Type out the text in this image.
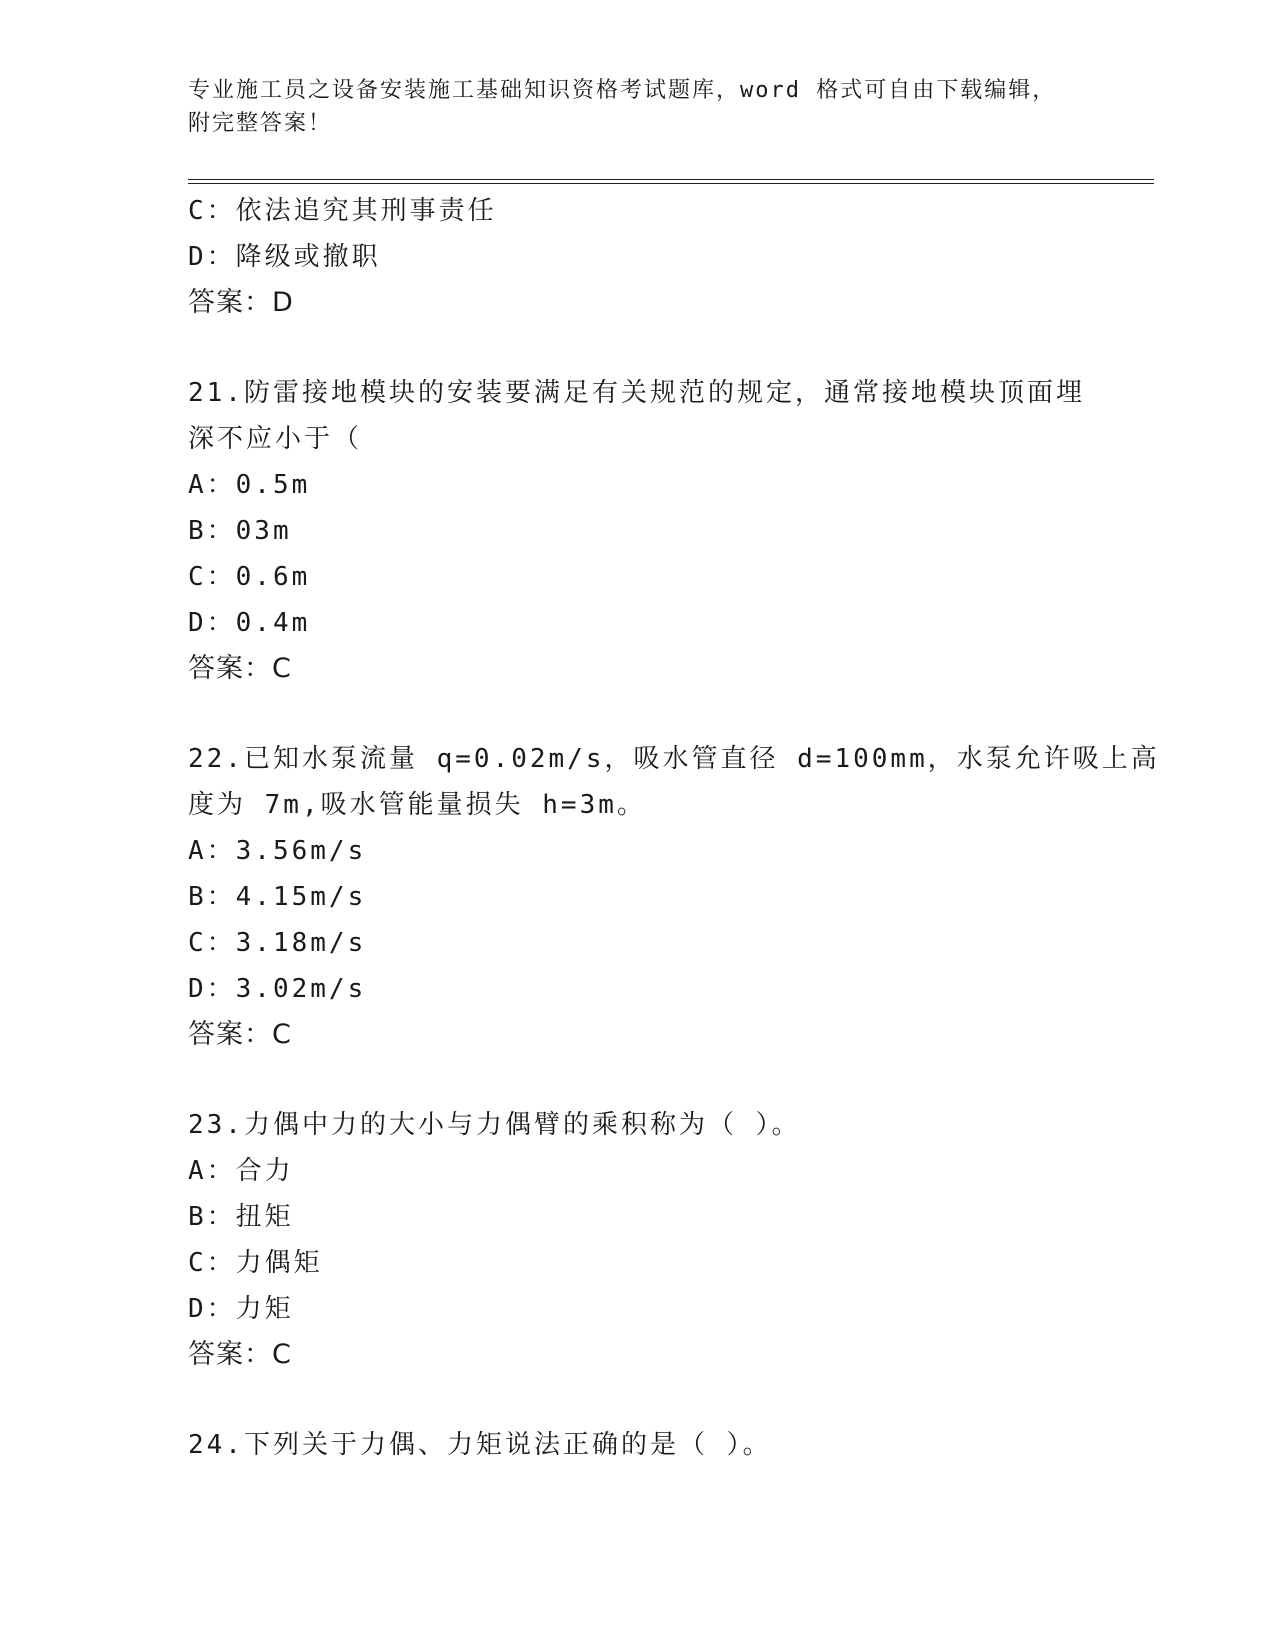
专业施工员之设备安装施工基础知识资格考试题库，word 格式可自由下载编辑，
附完整答案！
C：依法追究其刑事责任
D：降级或撤职
答案：D
21.防雷接地模块的安装要满足有关规范的规定，通常接地模块顶面埋
深不应小于（
A：0.5m
B：03m
C：0.6m
D：0.4m
答案：C
22.已知水泵流量 q=0.02m/s，吸水管直径 d=100mm，水泵允许吸上高
度为 7m,吸水管能量损失 h=3m。
A：3.56m/s
B：4.15m/s
C：3.18m/s
D：3.02m/s
答案：C
23.力偶中力的大小与力偶臂的乘积称为（ ）。
A：合力
B：扭矩
C：力偶矩
D：力矩
答案：C
24.下列关于力偶、力矩说法正确的是（ ）。
